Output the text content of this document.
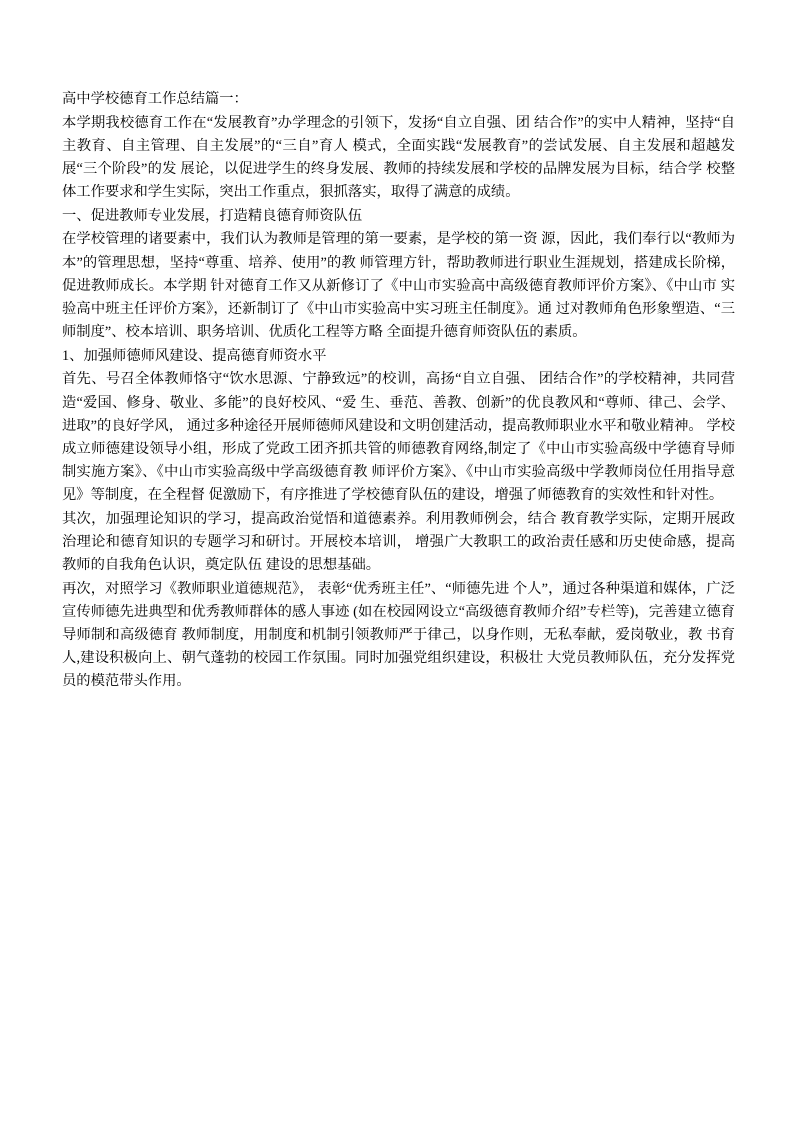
高中学校德育工作总结篇一：

本学期我校德育工作在“发展教育”办学理念的引领下，发扬“自立自强、团 结合作”的实中人精神，坚持“自主教育、自主管理、自主发展”的“三自”育人 模式，全面实践“发展教育”的尝试发展、自主发展和超越发展“三个阶段”的发 展论，以促进学生的终身发展、教师的持续发展和学校的品牌发展为目标，结合学 校整体工作要求和学生实际，突出工作重点，狠抓落实，取得了满意的成绩。

一、促进教师专业发展，打造精良德育师资队伍

在学校管理的诸要素中，我们认为教师是管理的第一要素，是学校的第一资 源，因此，我们奉行以“教师为本”的管理思想，坚持“尊重、培养、使用”的教 师管理方针，帮助教师进行职业生涯规划，搭建成长阶梯，促进教师成长。本学期 针对德育工作又从新修订了《中山市实验高中高级德育教师评价方案》、《中山市 实验高中班主任评价方案》，还新制订了《中山市实验高中实习班主任制度》。通 过对教师角色形象塑造、“三师制度”、校本培训、职务培训、优质化工程等方略 全面提升德育师资队伍的素质。

1、加强师德师风建设、提高德育师资水平

首先、号召全体教师恪守“饮水思源、宁静致远”的校训，高扬“自立自强、 团结合作”的学校精神，共同营造“爱国、修身、敬业、多能”的良好校风、“爱 生、垂范、善教、创新”的优良教风和“尊师、律己、会学、进取”的良好学风， 通过多种途径开展师德师风建设和文明创建活动，提高教师职业水平和敬业精神。 学校成立师德建设领导小组，形成了党政工团齐抓共管的师德教育网络,制定了《中山市实验高级中学德育导师制实施方案》、《中山市实验高级中学高级德育教 师评价方案》、《中山市实验高级中学教师岗位任用指导意见》等制度，在全程督 促激励下，有序推进了学校德育队伍的建设，增强了师德教育的实效性和针对性。

其次，加强理论知识的学习，提高政治觉悟和道德素养。利用教师例会，结合 教育教学实际，定期开展政治理论和德育知识的专题学习和研讨。开展校本培训， 增强广大教职工的政治责任感和历史使命感，提高教师的自我角色认识，奠定队伍 建设的思想基础。

再次，对照学习《教师职业道德规范》， 表彰“优秀班主任”、“师德先进 个人”，通过各种渠道和媒体，广泛宣传师德先进典型和优秀教师群体的感人事迹 (如在校园网设立“高级德育教师介绍”专栏等)，完善建立德育导师制和高级德育 教师制度，用制度和机制引领教师严于律己，以身作则，无私奉献，爱岗敬业，教 书育人,建设积极向上、朝气蓬勃的校园工作氛围。同时加强党组织建设，积极壮 大党员教师队伍，充分发挥党员的模范带头作用。
